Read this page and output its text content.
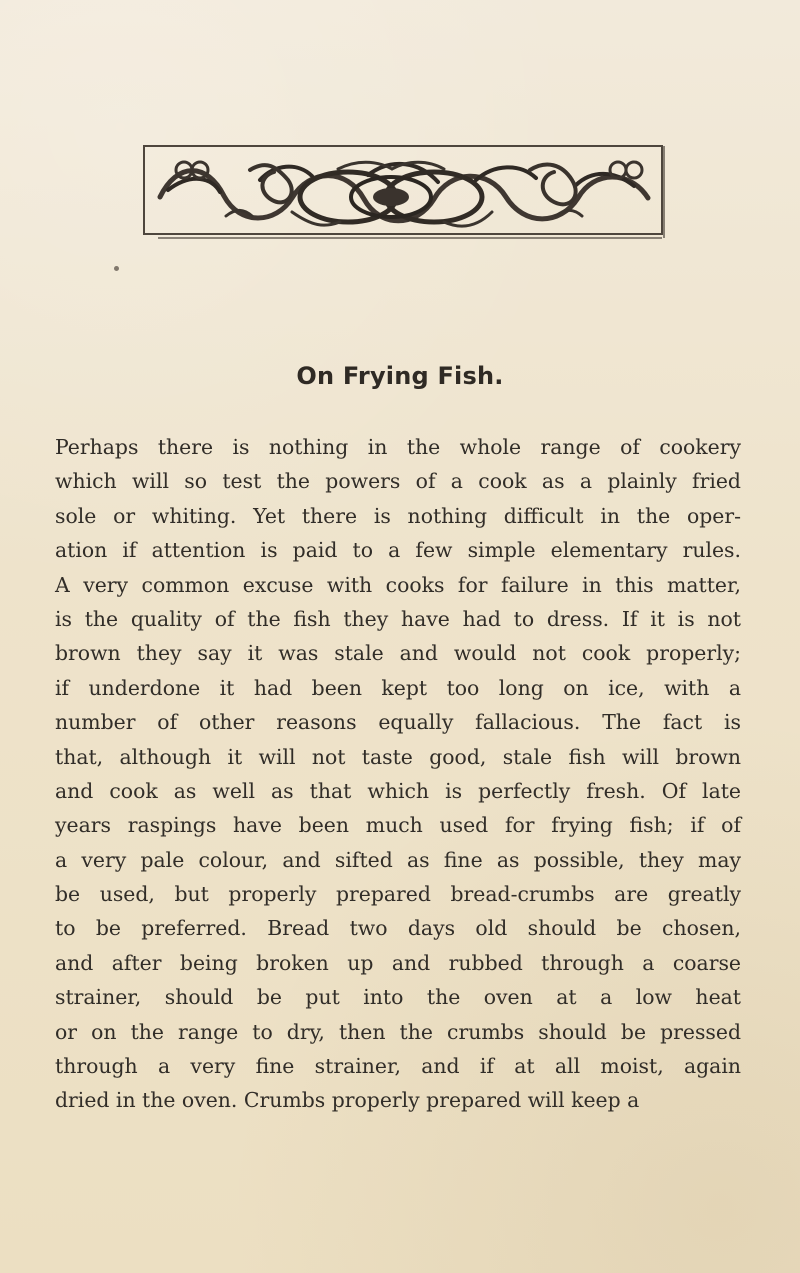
On Frying Fish.
Perhaps there is nothing in the whole range of cookery
which will so test the powers of a cook as a plainly fried
sole or whiting. Yet there is nothing difficult in the oper-
ation if attention is paid to a few simple elementary rules.
A very common excuse with cooks for failure in this matter,
is the quality of the fish they have had to dress. If it is not
brown they say it was stale and would not cook properly;
if underdone it had been kept too long on ice, with a
number of other reasons equally fallacious. The fact is
that, although it will not taste good, stale fish will brown
and cook as well as that which is perfectly fresh. Of late
years raspings have been much used for frying fish; if of
a very pale colour, and sifted as fine as possible, they may
be used, but properly prepared bread-crumbs are greatly
to be preferred. Bread two days old should be chosen,
and after being broken up and rubbed through a coarse
strainer, should be put into the oven at a low heat
or on the range to dry, then the crumbs should be pressed
through a very fine strainer, and if at all moist, again
dried in the oven. Crumbs properly prepared will keep a
